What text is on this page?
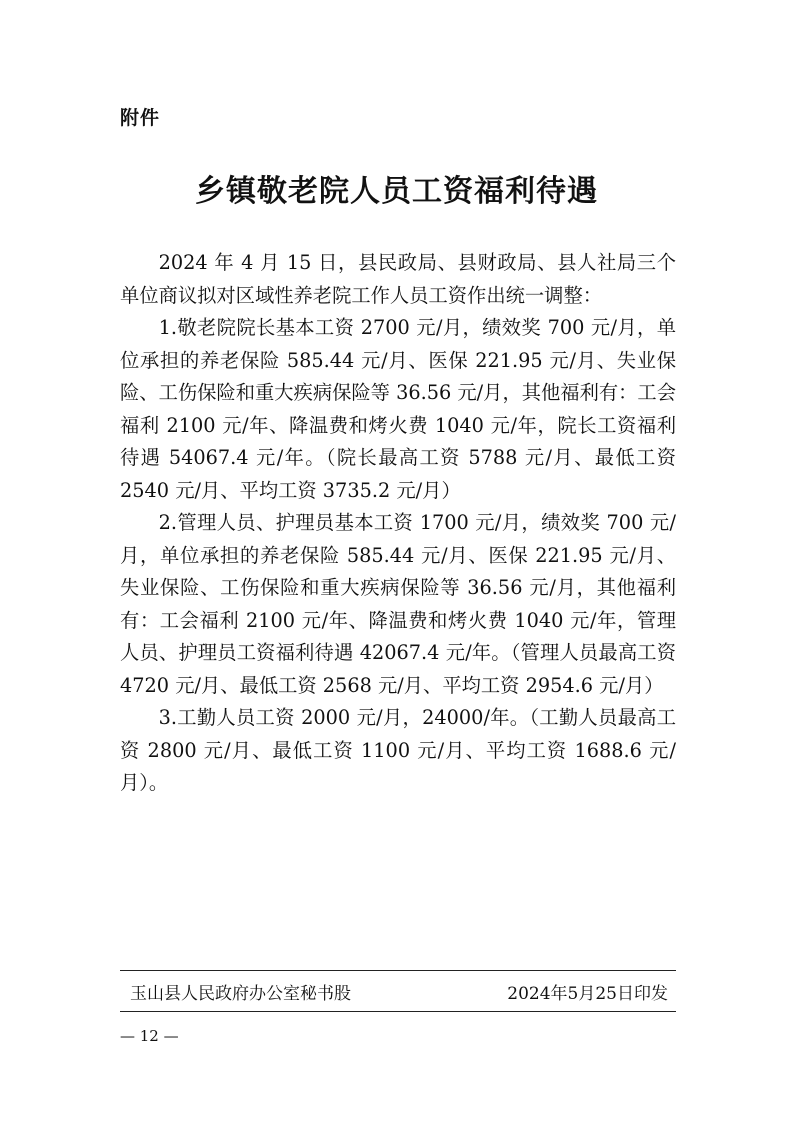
附件
乡镇敬老院人员工资福利待遇

2024 年 4 月 15 日，县民政局、县财政局、县人社局三个单位商议拟对区域性养老院工作人员工资作出统一调整：

1.敬老院院长基本工资 2700 元/月，绩效奖 700 元/月，单位承担的养老保险 585.44 元/月、医保 221.95 元/月、失业保险、工伤保险和重大疾病保险等 36.56 元/月，其他福利有：工会福利 2100 元/年、降温费和烤火费 1040 元/年，院长工资福利待遇 54067.4 元/年。（院长最高工资 5788 元/月、最低工资 2540 元/月、平均工资 3735.2 元/月）

2.管理人员、护理员基本工资 1700 元/月，绩效奖 700 元/月，单位承担的养老保险 585.44 元/月、医保 221.95 元/月、失业保险、工伤保险和重大疾病保险等 36.56 元/月，其他福利有：工会福利 2100 元/年、降温费和烤火费 1040 元/年，管理人员、护理员工资福利待遇 42067.4 元/年。（管理人员最高工资 4720 元/月、最低工资 2568 元/月、平均工资 2954.6 元/月）

3.工勤人员工资 2000 元/月，24000/年。（工勤人员最高工资 2800 元/月、最低工资 1100 元/月、平均工资 1688.6 元/月）。

玉山县人民政府办公室秘书股	2024年5月25日印发
— 12 —
